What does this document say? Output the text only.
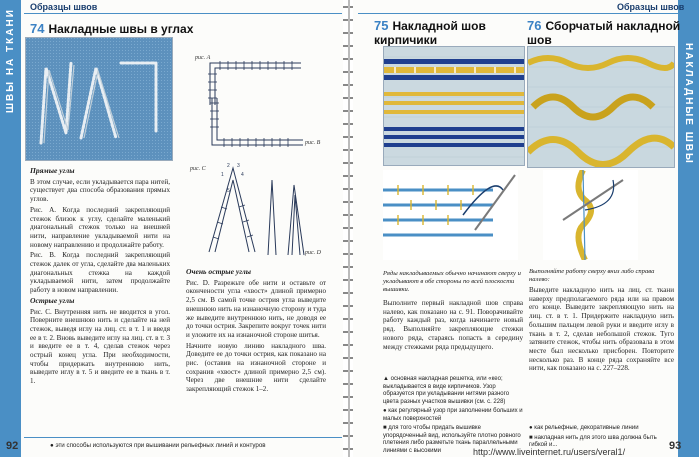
ШВЫ НА ТКАНИ
Образцы швов
74 Накладные швы в углах
рис. A
рис. B
рис. C	2 3
1	4
5
рис. D
Прямые углы

В этом случае, если укладывается пара нитей, существует два способа образования прямых углов.

Рис. A. Когда последний закрепляющий стежок близок к углу, сделайте маленький диагональный стежок только на внешней нити, направление укладываемой нити на новому направлению и продолжайте работу.

Рис. B. Когда последний закрепляющий стежок далек от угла, сделайте два маленьких диагональных стежка на каждой укладываемой нити, затем продолжайте работу в новом направлении.

Острые углы

Рис. C. Внутренняя нить не вводится в угол. Поверните внешнюю нить и сделайте на ней стежок, выведя иглу на лиц. ст. в т. 1 и введя ее в т. 2. Вновь выведите иглу на лиц. ст. в т. 3 и введите ее в т. 4, сделав стежок через острый конец угла. При необходимости, чтобы придержать внутреннюю нить, выведите иглу в т. 5 и введите ее в ткань в т. 1.

Очень острые углы

Рис. D. Разрежьте обе нити и оставьте от окончености угла «хвост» длиной примерно 2,5 см. В самой точке острия угла выведите внешнюю нить на изнаночную сторону и туда же выведите внутреннюю нить, не доводя ее до точки острия. Закрепите вокруг точек нити и уложите их на изнаночной стороне шитья.

Начните новую линию накладного шва. Доведите ее до точки острия, как показано на рис. (оставив на изнаночной стороне и сохранив «хвост» длиной примерно 2,5 см). Через две внешние нити сделайте закрепляющий стежок 1–2.

92	● эти способы используются при вышивании рельефных линий и контуров
НАКЛАДНЫЕ ШВЫ
Образцы швов
75 Накладной шов
кирпичики
76 Сборчатый накладной
шов
Ряды накладываемых обычно начинают сверху и укладывают в обе стороны по всей плоскости вышивки.
Выполняйте работу сверху вниз либо справа налево:

Выполните первый накладной шов справа налево, как показано на с. 91. Поворачивайте работу каждый раз, когда начинаете новый ряд. Выполняйте закрепляющие стежки нового ряда, стараясь попасть в середину между стежками ряда предыдущего.

Выведите накладную нить на лиц. ст. ткани наверху предполагаемого ряда или на правом его конце. Выведите закрепляющую нить на лиц. ст. в т. 1. Придержите накладную нить большим пальцем левой руки и введите иглу в ткань в т. 2, сделав небольшой стежок. Туго затяните стежок, чтобы нить образовала в этом месте был несколько присборен. Повторите несколько раз. В конце ряда сохраняйте все нити, как показано на с. 227–228.

▲ основная накладная решетка, или «кео; выкладывается в виде кирпичиков. Узор образуется при укладывании нитями разного цвета разных участков вышивки (см. с. 228)
● как регулярный узор при заполнении больших и малых поверхностей
■ для того чтобы придать вышивке упорядоченный вид, используйте плотно ровного плетения либо разметьте ткань параллельными линиями с высокими
● как рельефные, декоративные линии
■ накладная нить для этого шва должна быть гибкой и...	93
http://www.liveinternet.ru/users/veral1/
